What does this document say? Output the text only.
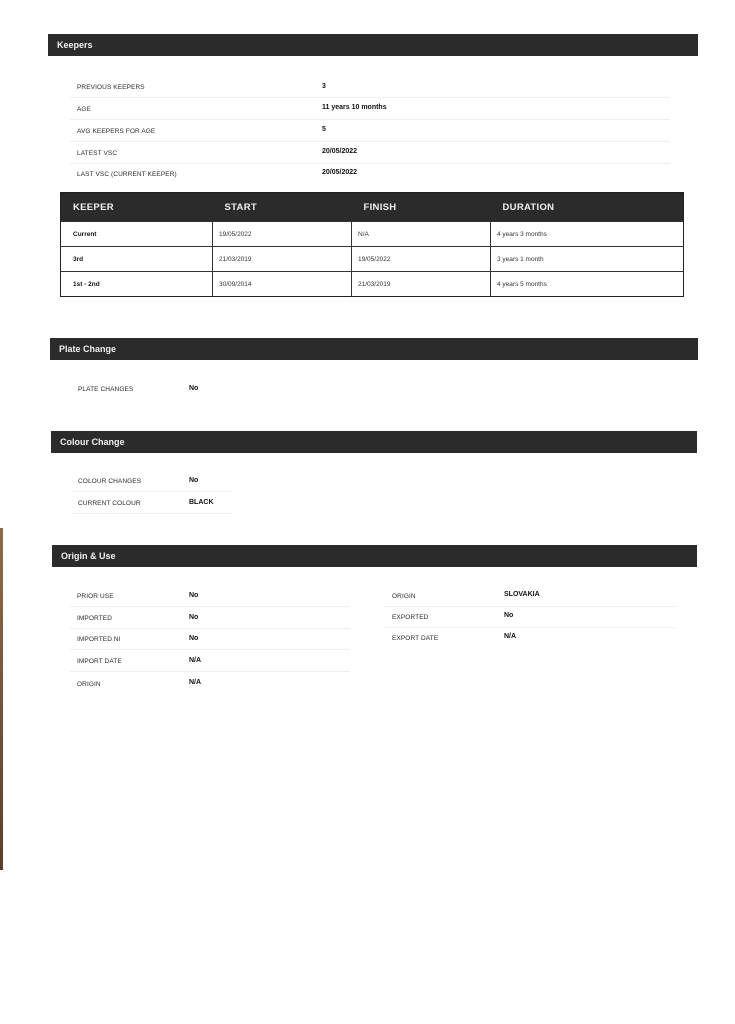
Keepers
PREVIOUS KEEPERS	3
AGE	11 years 10 months
AVG KEEPERS FOR AGE	5
LATEST VSC	20/05/2022
LAST VSC (CURRENT KEEPER)	20/05/2022
KEEPER	START	FINISH	DURATION
Current	19/05/2022	N/A	4 years 3 months
3rd	21/03/2019	19/05/2022	3 years 1 month
1st - 2nd	30/09/2014	21/03/2019	4 years 5 months
Plate Change
PLATE CHANGES	No
Colour Change
COLOUR CHANGES	No
CURRENT COLOUR	BLACK
Origin & Use
PRIOR USE	No
IMPORTED	No
IMPORTED NI	No
IMPORT DATE	N/A
ORIGIN	N/A
ORIGIN	SLOVAKIA
EXPORTED	No
EXPORT DATE	N/A
